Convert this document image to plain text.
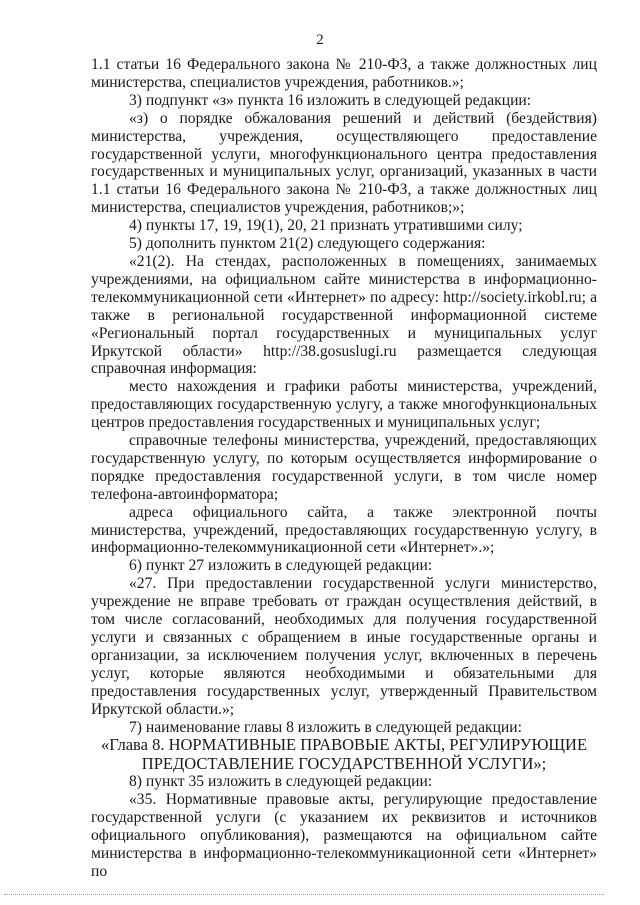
2

1.1 статьи 16 Федерального закона № 210-ФЗ, а также должностных лиц министерства, специалистов учреждения, работников.»;

3) подпункт «з» пункта 16 изложить в следующей редакции:

«з) о порядке обжалования решений и действий (бездействия) министерства, учреждения, осуществляющего предоставление государственной услуги, многофункционального центра предоставления государственных и муниципальных услуг, организаций, указанных в части 1.1 статьи 16 Федерального закона № 210-ФЗ, а также должностных лиц министерства, специалистов учреждения, работников;»;

4) пункты 17, 19, 19(1), 20, 21 признать утратившими силу;

5) дополнить пунктом 21(2) следующего содержания:

«21(2). На стендах, расположенных в помещениях, занимаемых учреждениями, на официальном сайте министерства в информационно-телекоммуникационной сети «Интернет» по адресу: http://society.irkobl.ru; а также в региональной государственной информационной системе «Региональный портал государственных и муниципальных услуг Иркутской области» http://38.gosuslugi.ru размещается следующая справочная информация:

место нахождения и графики работы министерства, учреждений, предоставляющих государственную услугу, а также многофункциональных центров предоставления государственных и муниципальных услуг;

справочные телефоны министерства, учреждений, предоставляющих государственную услугу, по которым осуществляется информирование о порядке предоставления государственной услуги, в том числе номер телефона-автоинформатора;

адреса официального сайта, а также электронной почты министерства, учреждений, предоставляющих государственную услугу, в информационно-телекоммуникационной сети «Интернет».»;

6) пункт 27 изложить в следующей редакции:

«27. При предоставлении государственной услуги министерство, учреждение не вправе требовать от граждан осуществления действий, в том числе согласований, необходимых для получения государственной услуги и связанных с обращением в иные государственные органы и организации, за исключением получения услуг, включенных в перечень услуг, которые являются необходимыми и обязательными для предоставления государственных услуг, утвержденный Правительством Иркутской области.»;

7) наименование главы 8 изложить в следующей редакции:

«Глава 8. НОРМАТИВНЫЕ ПРАВОВЫЕ АКТЫ, РЕГУЛИРУЮЩИЕ ПРЕДОСТАВЛЕНИЕ ГОСУДАРСТВЕННОЙ УСЛУГИ»;

8) пункт 35 изложить в следующей редакции:

«35. Нормативные правовые акты, регулирующие предоставление государственной услуги (с указанием их реквизитов и источников официального опубликования), размещаются на официальном сайте министерства в информационно-телекоммуникационной сети «Интернет» по
